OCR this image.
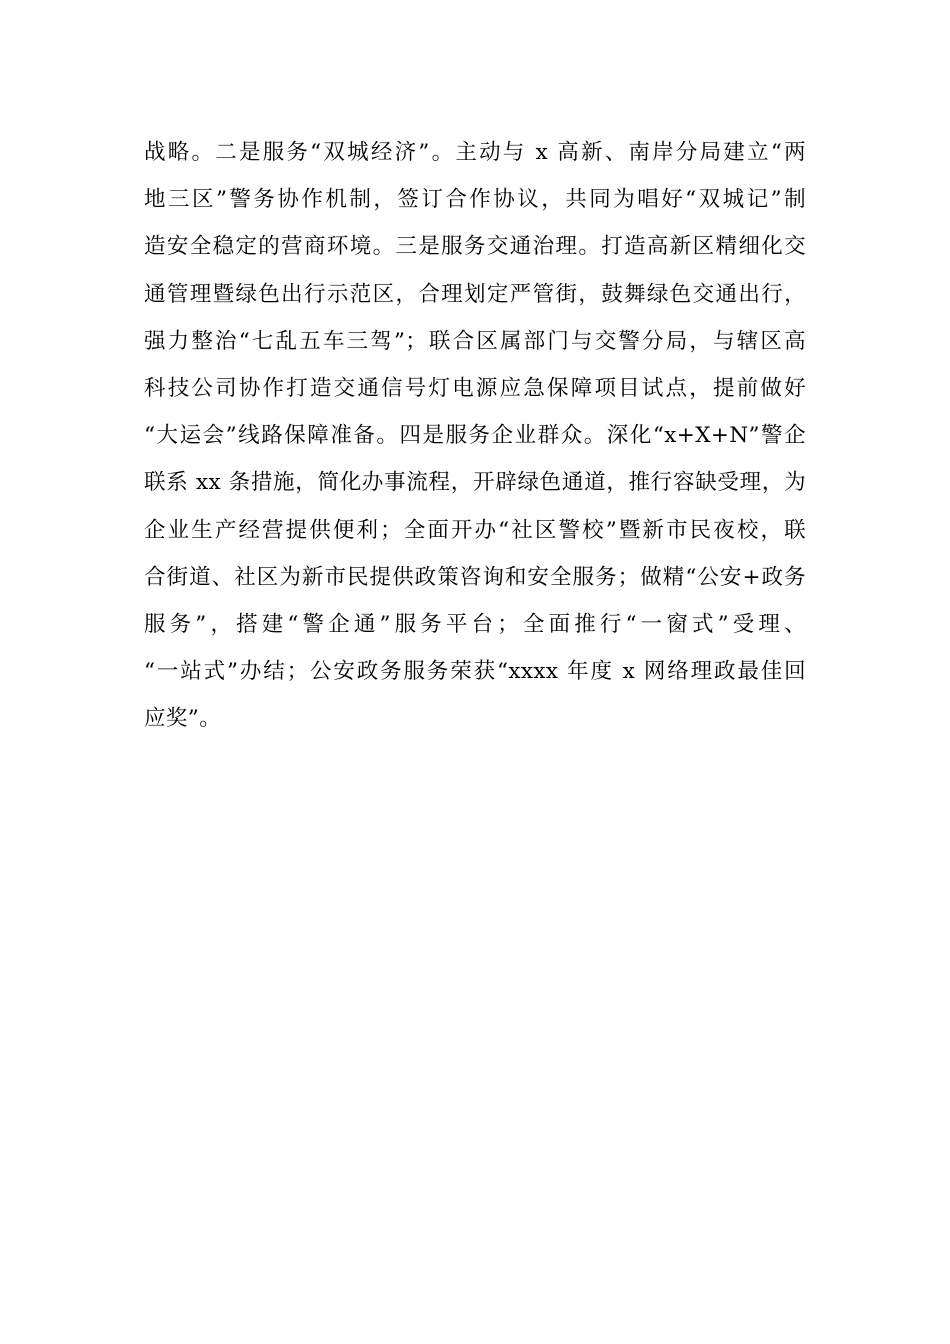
战略。二是服务“双城经济”。主动与 x 高新、南岸分局建立“两
地三区”警务协作机制，签订合作协议，共同为唱好“双城记”制
造安全稳定的营商环境。三是服务交通治理。打造高新区精细化交
通管理暨绿色出行示范区，合理划定严管街，鼓舞绿色交通出行，
强力整治“七乱五车三驾”；联合区属部门与交警分局，与辖区高
科技公司协作打造交通信号灯电源应急保障项目试点，提前做好
“大运会”线路保障准备。四是服务企业群众。深化“x+X+N”警企
联系 xx 条措施，简化办事流程，开辟绿色通道，推行容缺受理，为
企业生产经营提供便利；全面开办“社区警校”暨新市民夜校，联
合街道、社区为新市民提供政策咨询和安全服务；做精“公安+政务
服务”，搭建“警企通”服务平台；全面推行“一窗式”受理、
“一站式”办结；公安政务服务荣获“xxxx 年度 x 网络理政最佳回
应奖”。
